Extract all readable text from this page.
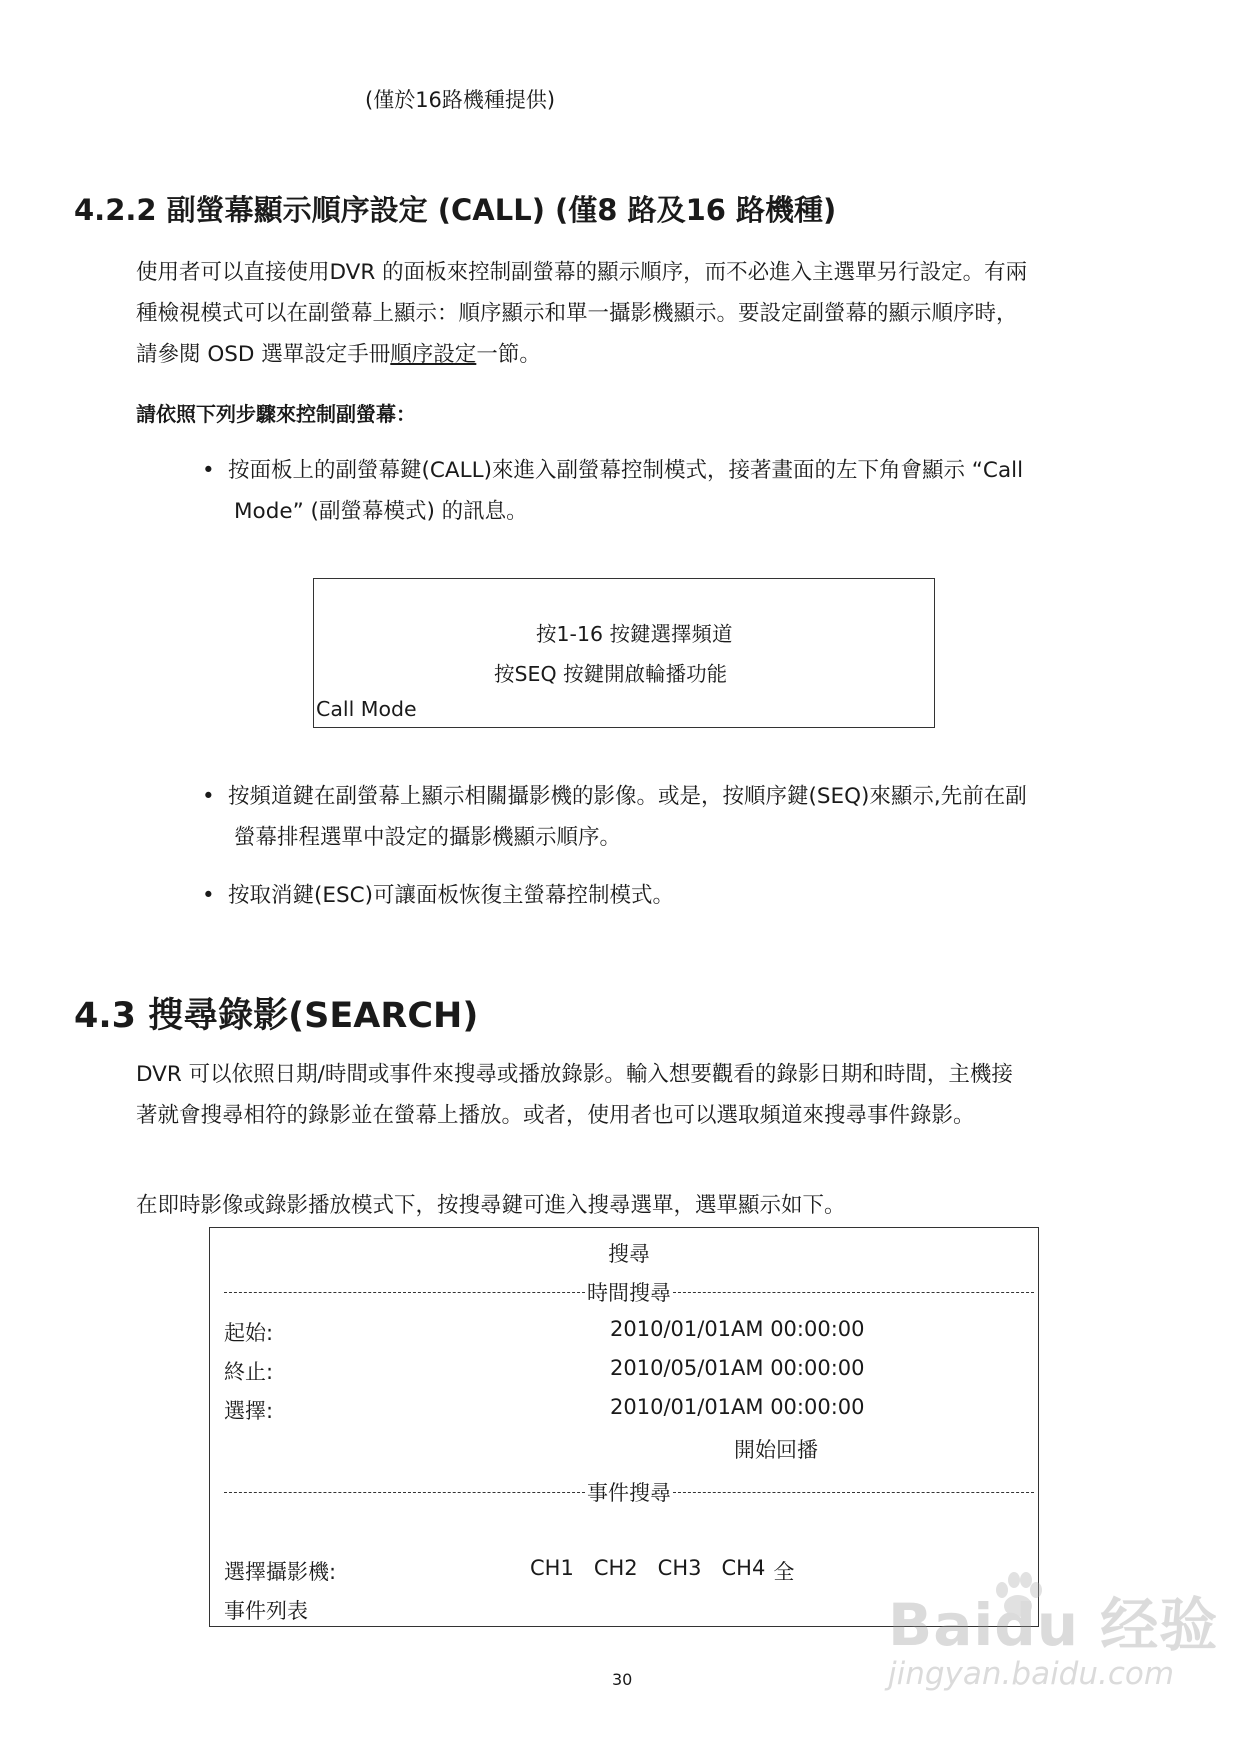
(僅於16路機種提供)
4.2.2 副螢幕顯示順序設定 (CALL) (僅8 路及16 路機種)
使用者可以直接使用DVR 的面板來控制副螢幕的顯示順序，而不必進入主選單另行設定。有兩
種檢視模式可以在副螢幕上顯示：順序顯示和單一攝影機顯示。要設定副螢幕的顯示順序時，
請參閱 OSD 選單設定手冊順序設定一節。
請依照下列步驟來控制副螢幕：
• 按面板上的副螢幕鍵(CALL)來進入副螢幕控制模式，接著畫面的左下角會顯示 “Call
Mode” (副螢幕模式) 的訊息。
按1-16 按鍵選擇頻道
按SEQ 按鍵開啟輪播功能
Call Mode
• 按頻道鍵在副螢幕上顯示相關攝影機的影像。或是，按順序鍵(SEQ)來顯示,先前在副
螢幕排程選單中設定的攝影機顯示順序。
• 按取消鍵(ESC)可讓面板恢復主螢幕控制模式。
4.3 搜尋錄影(SEARCH)
DVR 可以依照日期/時間或事件來搜尋或播放錄影。輸入想要觀看的錄影日期和時間，主機接
著就會搜尋相符的錄影並在螢幕上播放。或者，使用者也可以選取頻道來搜尋事件錄影。
在即時影像或錄影播放模式下，按搜尋鍵可進入搜尋選單，選單顯示如下。
搜尋
時間搜尋
起始:	2010/01/01AM 00:00:00
終止:	2010/05/01AM 00:00:00
選擇:	2010/01/01AM 00:00:00
開始回播
事件搜尋
選擇攝影機:	CH1 CH2 CH3 CH4 全
事件列表
30
Baidu 经验
jingyan.baidu.com
